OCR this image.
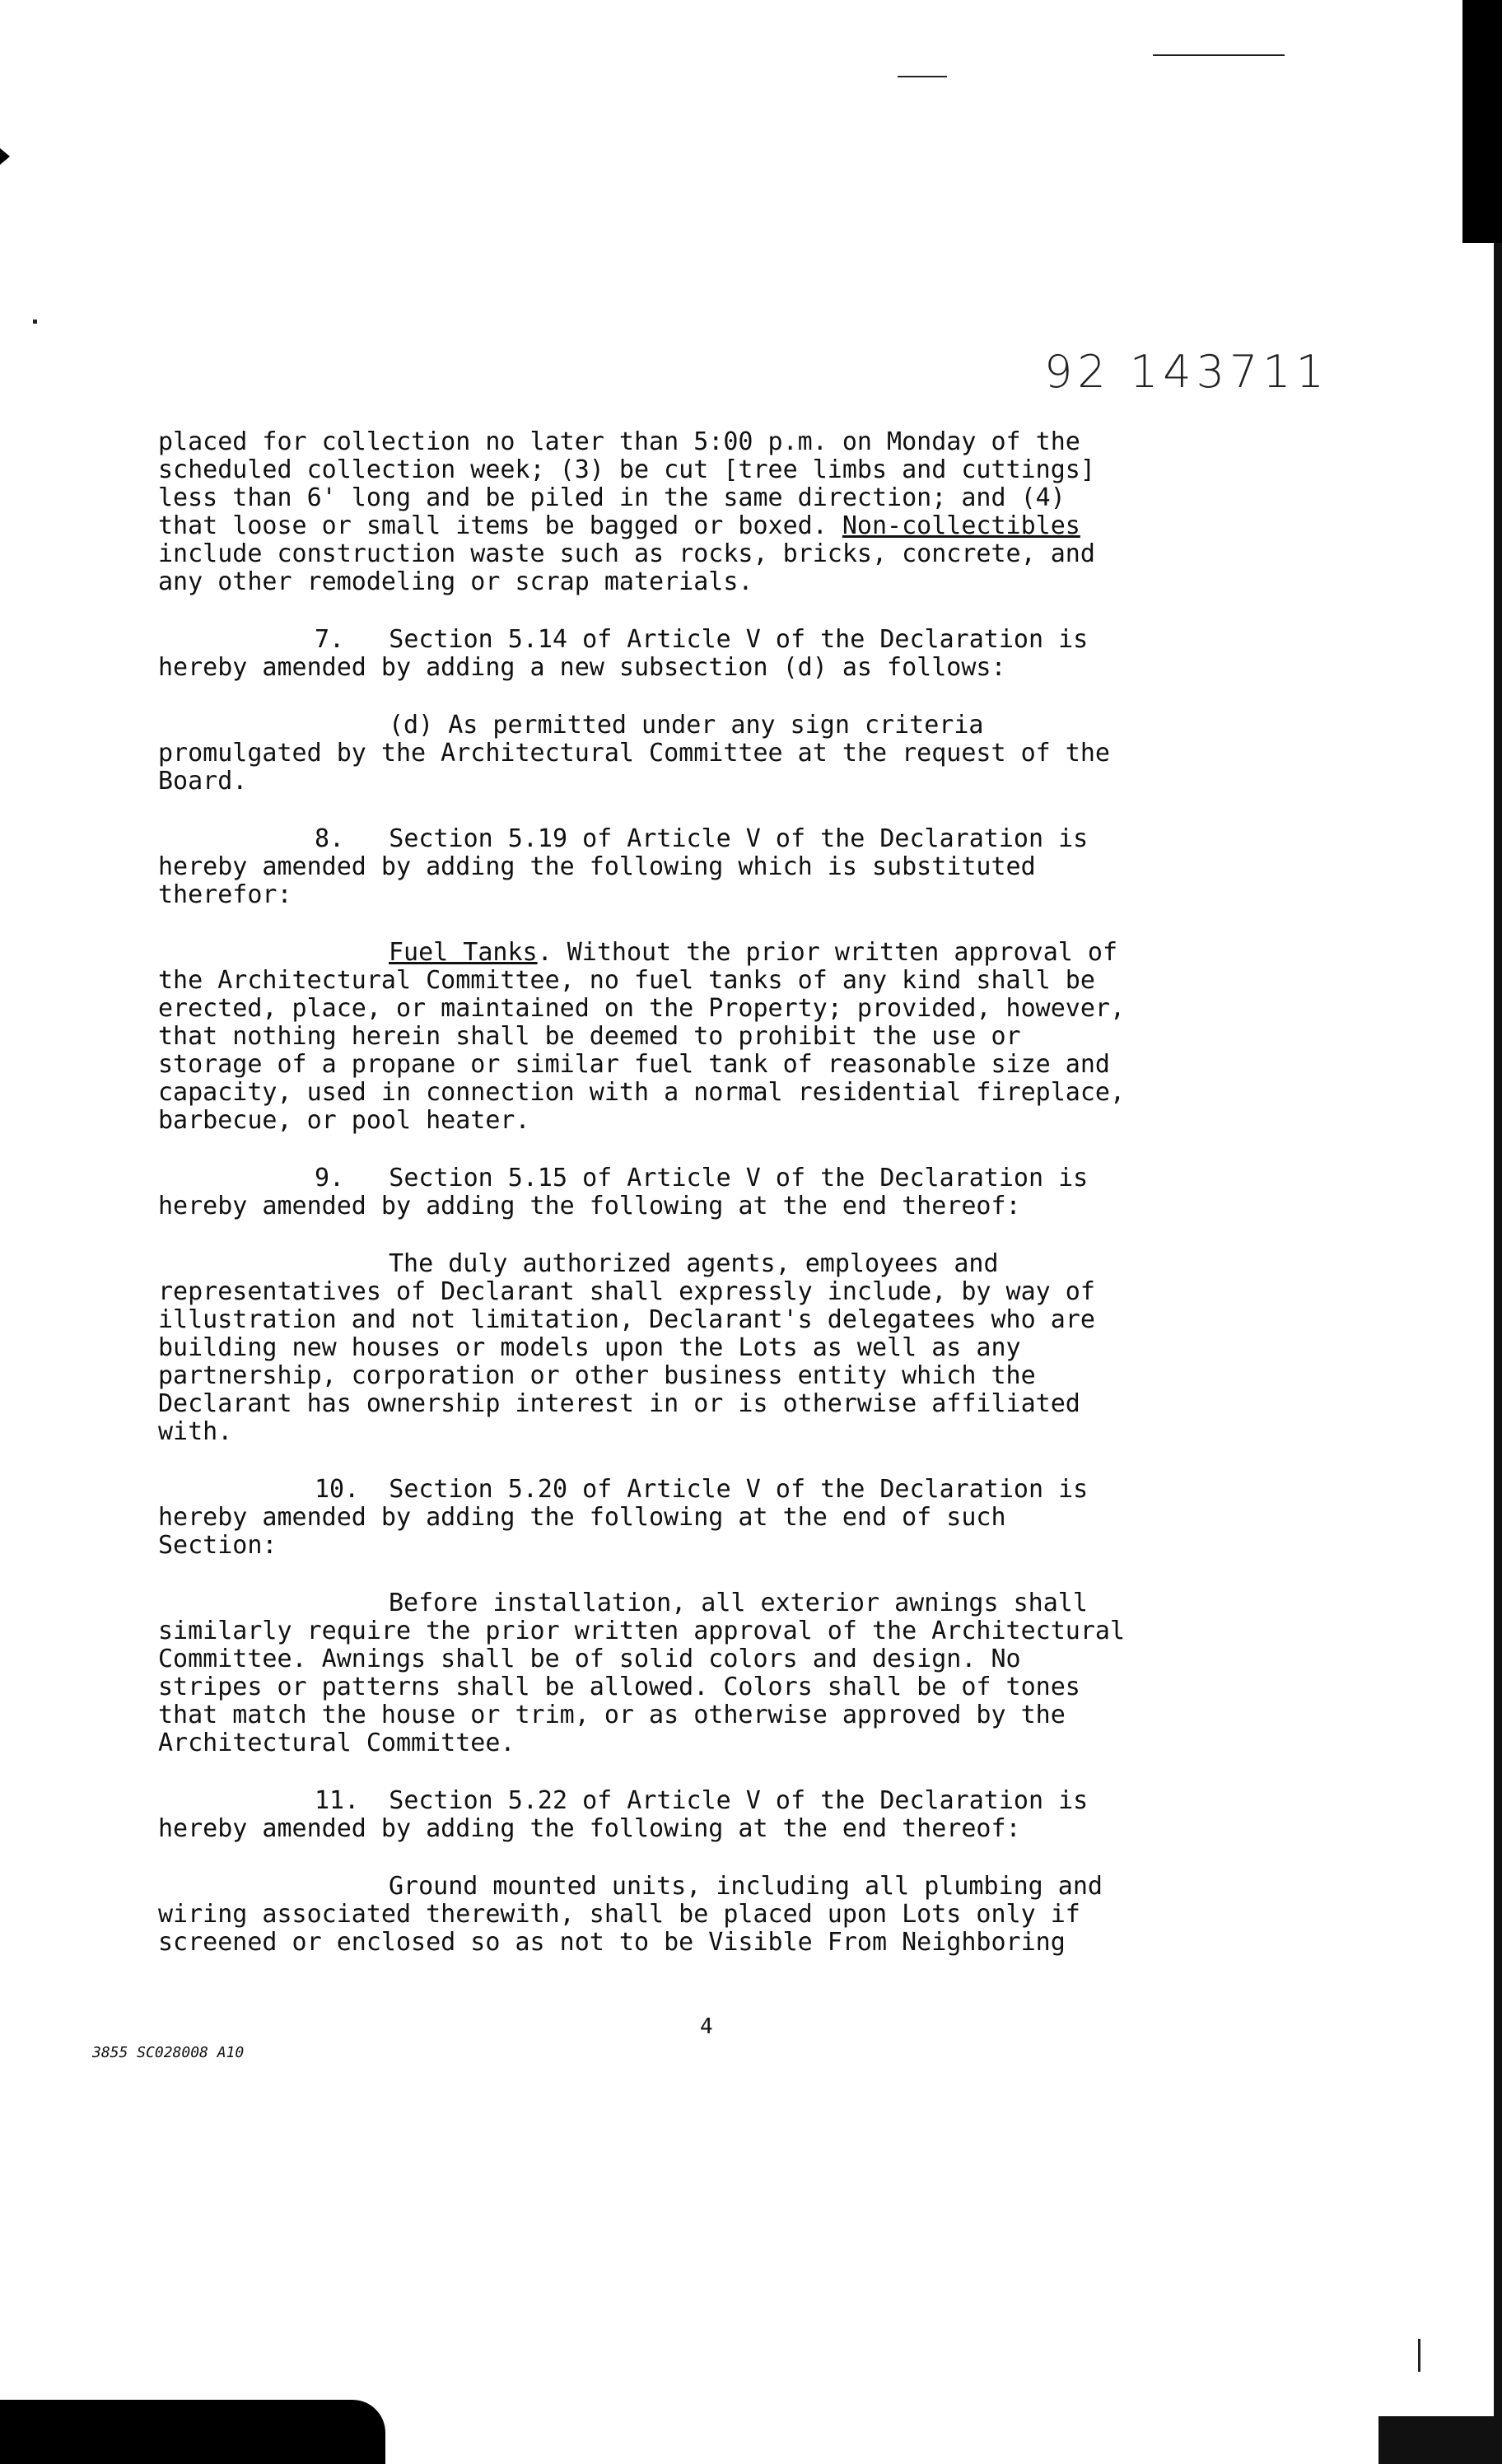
92 143711

placed for collection no later than 5:00 p.m. on Monday of the
scheduled collection week; (3) be cut [tree limbs and cuttings]
less than 6' long and be piled in the same direction; and (4)
that loose or small items be bagged or boxed. Non-collectibles
include construction waste such as rocks, bricks, concrete, and
any other remodeling or scrap materials.

7.   Section 5.14 of Article V of the Declaration is
hereby amended by adding a new subsection (d) as follows:

(d) As permitted under any sign criteria
promulgated by the Architectural Committee at the request of the
Board.

8.   Section 5.19 of Article V of the Declaration is
hereby amended by adding the following which is substituted
therefor:

Fuel Tanks. Without the prior written approval of
the Architectural Committee, no fuel tanks of any kind shall be
erected, place, or maintained on the Property; provided, however,
that nothing herein shall be deemed to prohibit the use or
storage of a propane or similar fuel tank of reasonable size and
capacity, used in connection with a normal residential fireplace,
barbecue, or pool heater.

9.   Section 5.15 of Article V of the Declaration is
hereby amended by adding the following at the end thereof:

The duly authorized agents, employees and
representatives of Declarant shall expressly include, by way of
illustration and not limitation, Declarant's delegatees who are
building new houses or models upon the Lots as well as any
partnership, corporation or other business entity which the
Declarant has ownership interest in or is otherwise affiliated
with.

10.  Section 5.20 of Article V of the Declaration is
hereby amended by adding the following at the end of such
Section:

Before installation, all exterior awnings shall
similarly require the prior written approval of the Architectural
Committee. Awnings shall be of solid colors and design. No
stripes or patterns shall be allowed. Colors shall be of tones
that match the house or trim, or as otherwise approved by the
Architectural Committee.

11.  Section 5.22 of Article V of the Declaration is
hereby amended by adding the following at the end thereof:

Ground mounted units, including all plumbing and
wiring associated therewith, shall be placed upon Lots only if
screened or enclosed so as not to be Visible From Neighboring

4
3855 SC028008 A10
